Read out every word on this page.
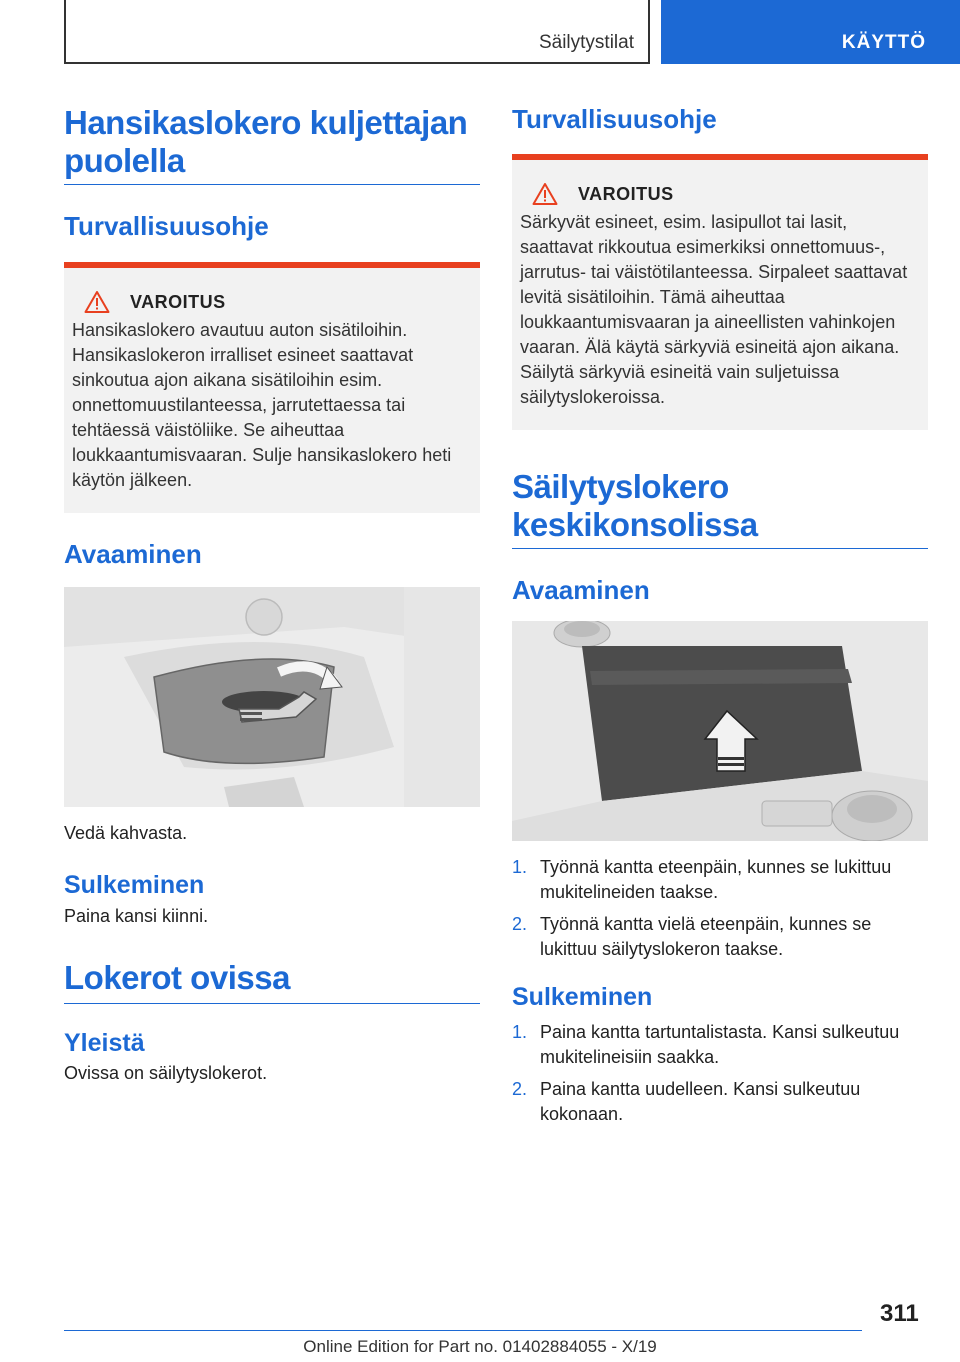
Säilytystilat	KÄYTTÖ
Hansikaslokero kuljettajan puolella
Turvallisuusohje
VAROITUS

Hansikaslokero avautuu auton sisätiloihin. Hansikaslokeron irralliset esineet saattavat sinkoutua ajon aikana sisätiloihin esim. onnettomuustilanteessa, jarrutettaessa tai tehtäessä väistöliike. Se aiheuttaa loukkaantumisvaaran. Sulje hansikaslokero heti käytön jälkeen.

Avaaminen

Vedä kahvasta.

Sulkeminen

Paina kansi kiinni.

Lokerot ovissa
Yleistä

Ovissa on säilytyslokerot.

Turvallisuusohje
VAROITUS

Särkyvät esineet, esim. lasipullot tai lasit, saattavat rikkoutua esimerkiksi onnettomuus-, jarrutus- tai väistötilanteessa. Sirpaleet saattavat levitä sisätiloihin. Tämä aiheuttaa loukkaantumisvaaran ja aineellisten vahinkojen vaaran. Älä käytä särkyviä esineitä ajon aikana. Säilytä särkyviä esineitä vain suljetuissa säilytyslokeroissa.

Säilytyslokero keskikonsolissa
Avaaminen
1. Työnnä kantta eteenpäin, kunnes se lukittuu mukitelineiden taakse.
2. Työnnä kantta vielä eteenpäin, kunnes se lukittuu säilytyslokeron taakse.
Sulkeminen
1. Paina kantta tartuntalistasta. Kansi sulkeutuu mukitelineisiin saakka.
2. Paina kantta uudelleen. Kansi sulkeutuu kokonaan.
311
Online Edition for Part no. 01402884055 - X/19
